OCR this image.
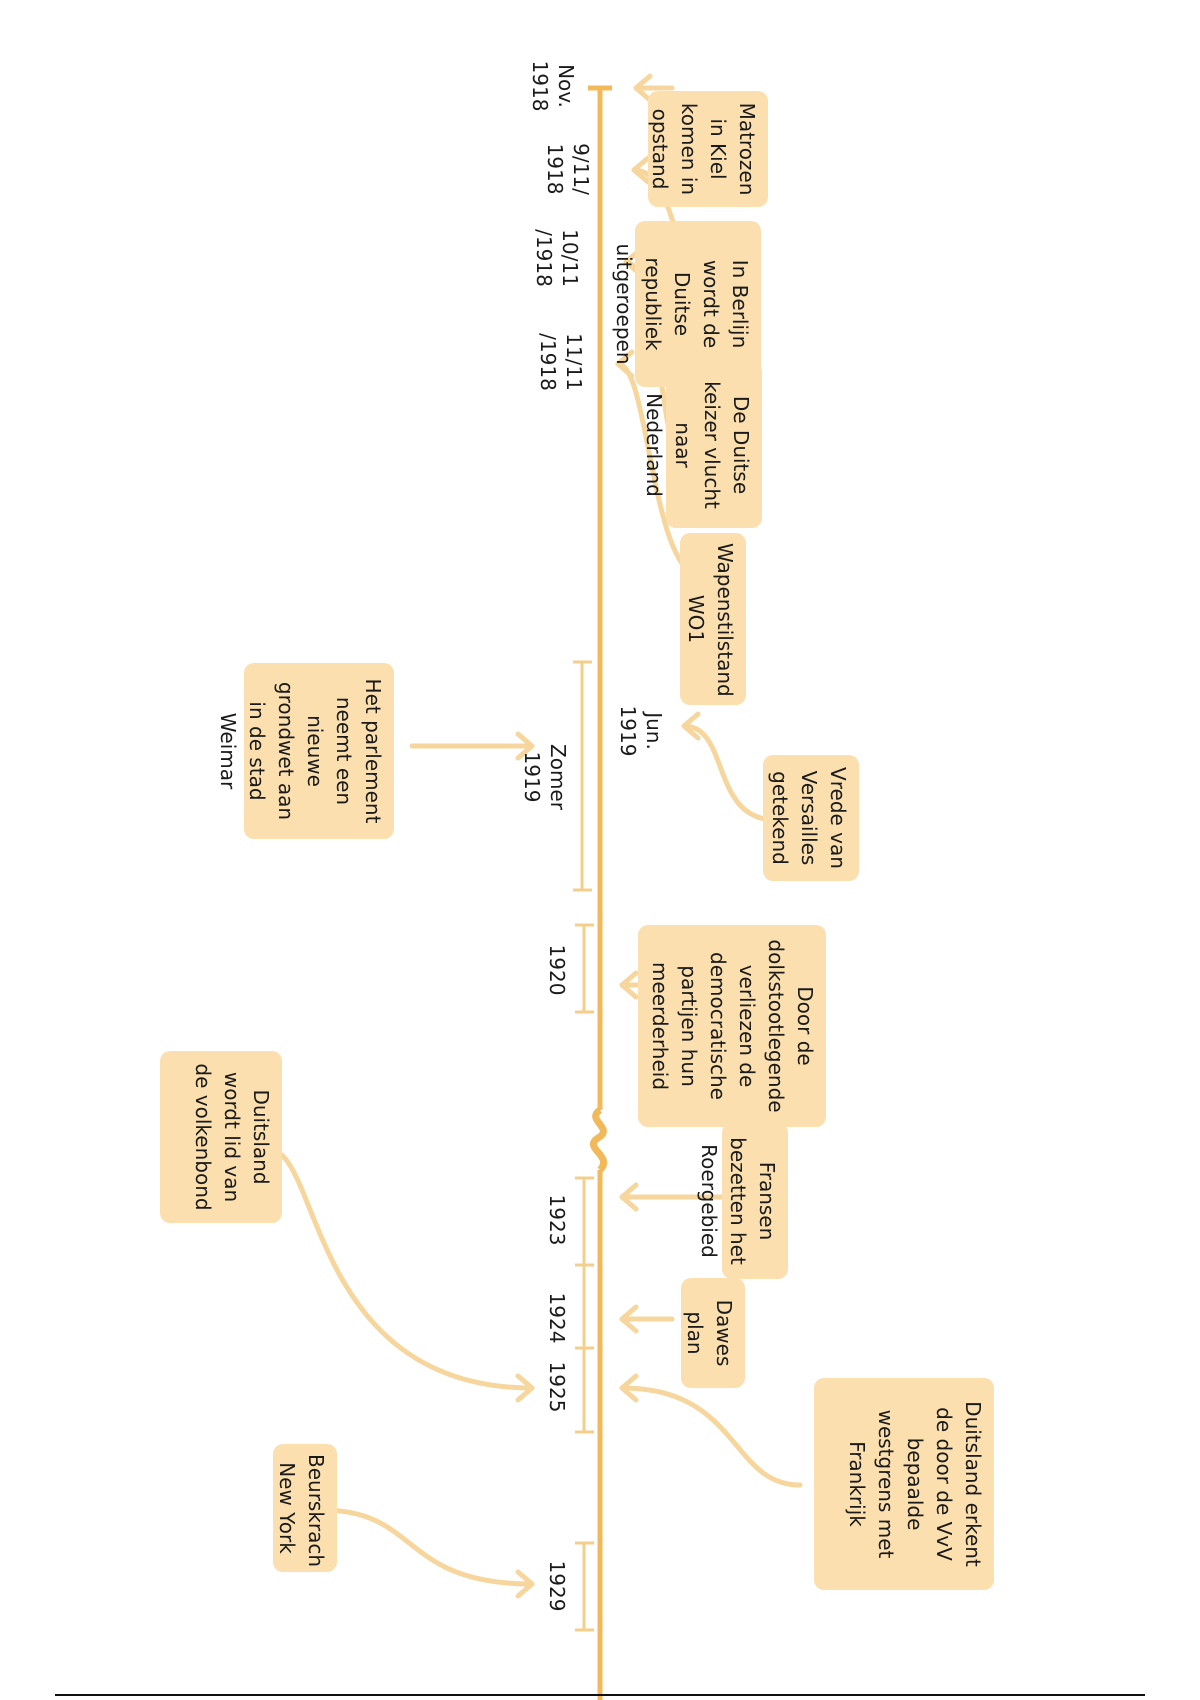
Nov. 1918
9/11/ 1918
10/11 /1918
11/11 /1918
Jun. 1919
Zomer 1919
1920
1923
1924
1925
1929
Matrozen in Kiel komen in opstand
In Berlijn wordt de Duitse republiek uitgeroepen
De Duitse keizer vlucht naar Nederland
Wapenstilstand WO1
Vrede van Versailles getekend
Door de dolkstootlegende verliezen de democratische partijen hun meerderheid
Fransen bezetten het Roergebied
Dawes plan
Duitsland erkent de door de VvV bepaalde westgrens met Frankrijk
Het parlement neemt een nieuwe grondwet aan in de stad Weimar
Duitsland wordt lid van de volkenbond
Beurskrach New York
